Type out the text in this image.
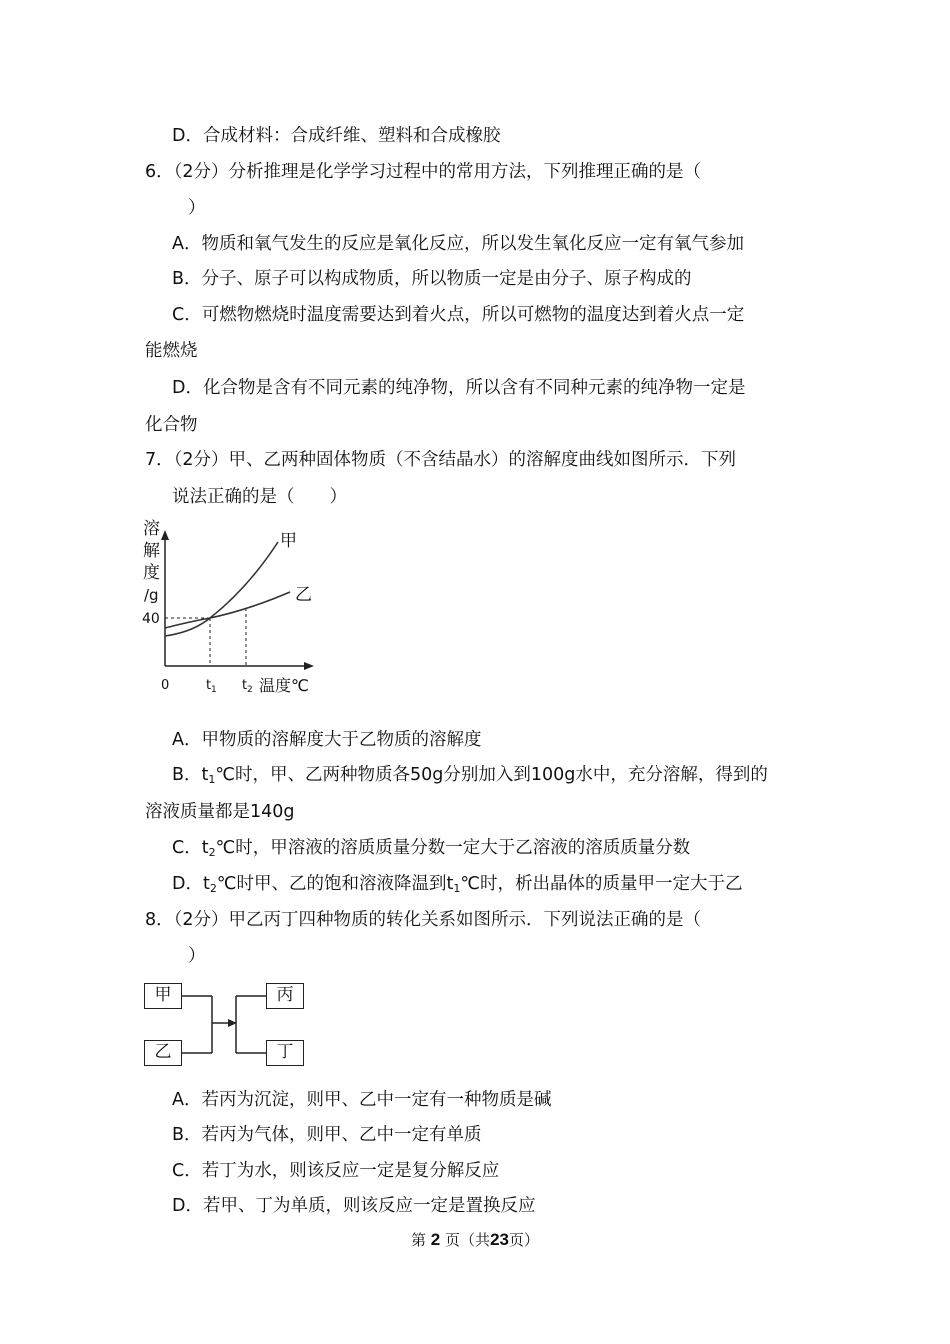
D．合成材料：合成纤维、塑料和合成橡胶
6．（2分）分析推理是化学学习过程中的常用方法，下列推理正确的是（
）
A．物质和氧气发生的反应是氧化反应，所以发生氧化反应一定有氧气参加
B．分子、原子可以构成物质，所以物质一定是由分子、原子构成的
C．可燃物燃烧时温度需要达到着火点，所以可燃物的温度达到着火点一定
能燃烧
D．化合物是含有不同元素的纯净物，所以含有不同种元素的纯净物一定是
化合物
7．（2分）甲、乙两种固体物质（不含结晶水）的溶解度曲线如图所示．下列
说法正确的是（　　）
甲
乙
溶
解
度
/g
40
0	t 1 t 2 温度℃
A．甲物质的溶解度大于乙物质的溶解度
B．$t_1℃$时，甲、乙两种物质各50g分别加入到100g水中，充分溶解，得到的
溶液质量都是140g
C．$t_2℃$时，甲溶液的溶质质量分数一定大于乙溶液的溶质质量分数
D．$t_2℃$时甲、乙的饱和溶液降温到$t_1℃$时，析出晶体的质量甲一定大于乙
8．（2分）甲乙丙丁四种物质的转化关系如图所示．下列说法正确的是（
）
甲
乙
丙
丁
A．若丙为沉淀，则甲、乙中一定有一种物质是碱
B．若丙为气体，则甲、乙中一定有单质
C．若丁为水，则该反应一定是复分解反应
D．若甲、丁为单质，则该反应一定是置换反应
第 2 页（共23页）
